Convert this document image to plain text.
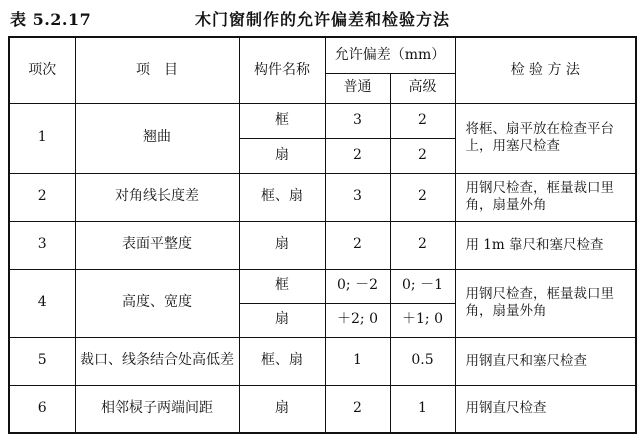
表 5.2.17	木门窗制作的允许偏差和检验方法
项次	项　目	构件名称	允许偏差（mm）		检 验 方 法
			普通	高级	
1	翘曲	框	3	2	将框、扇平放在检查平台上，用塞尺检查
		扇	2	2	
2	对角线长度差	框、扇	3	2	用钢尺检查，框量裁口里角，扇量外角
3	表面平整度	扇	2	2	用 1m 靠尺和塞尺检查
4	高度、宽度	框	0; －2	0; －1	用钢尺检查，框量裁口里角，扇量外角
		扇	＋2; 0	＋1; 0	
5	裁口、线条结合处高低差	框、扇	1	0.5	用钢直尺和塞尺检查
6	相邻棂子两端间距	扇	2	1	用钢直尺检查
